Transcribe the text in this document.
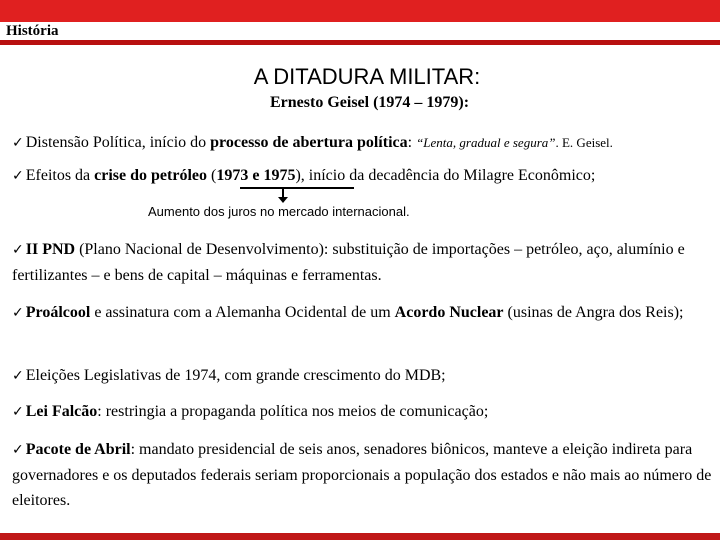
História
A DITADURA MILITAR:
Ernesto Geisel (1974 – 1979):
✓ Distensão Política, início do processo de abertura política: “Lenta, gradual e segura”. E. Geisel.
✓ Efeitos da crise do petróleo (1973 e 1975), início da decadência do Milagre Econômico;
Aumento dos juros no mercado internacional.
✓ II PND (Plano Nacional de Desenvolvimento): substituição de importações – petróleo, aço, alumínio e fertilizantes – e bens de capital – máquinas e ferramentas.
✓ Proálcool e assinatura com a Alemanha Ocidental de um Acordo Nuclear (usinas de Angra dos Reis);
✓ Eleições Legislativas de 1974, com grande crescimento do MDB;
✓ Lei Falcão: restringia a propaganda política nos meios de comunicação;
✓ Pacote de Abril: mandato presidencial de seis anos, senadores biônicos, manteve a eleição indireta para governadores e os deputados federais seriam proporcionais a população dos estados e não mais ao número de eleitores.
